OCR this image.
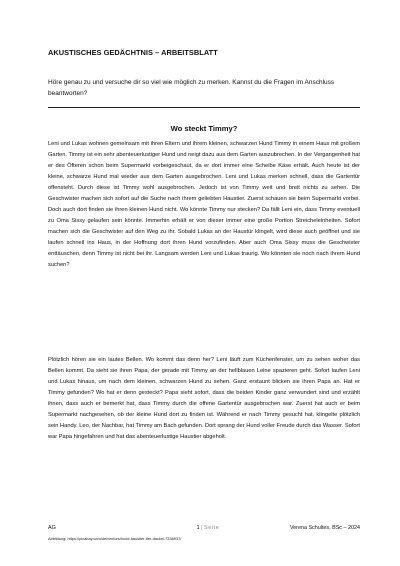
AKUSTISCHES GEDÄCHTNIS – ARBEITSBLATT
Höre genau zu und versuche dir so viel wie möglich zu merken. Kannst du die Fragen im Anschluss beantworten?
Wo steckt Timmy?
Leni und Lukas wohnen gemeinsam mit ihren Eltern und ihrem kleinen, schwarzen Hund Timmy in einem Haus mit großem Garten. Timmy ist ein sehr abenteuerlustiger Hund und neigt dazu aus dem Garten auszubrechen. In der Vergangenheit hat er des Öfteren schon beim Supermarkt vorbeigeschaut, da er dort immer eine Scheibe Käse erhält. Auch heute ist der kleine, schwarze Hund mal wieder aus dem Garten ausgebrochen. Leni und Lukas merken schnell, dass die Gartentür offensteht. Durch diese ist Timmy wohl ausgebrochen. Jedoch ist von Timmy weit und breit nichts zu sehen. Die Geschwister machen sich sofort auf die Suche nach ihrem geliebten Haustier. Zuerst schauen sie beim Supermarkt vorbei. Doch auch dort finden sie ihren kleinen Hund nicht. Wo könnte Timmy nur stecken? Da fällt Leni ein, dass Timmy eventuell zu Oma Sissy gelaufen sein könnte. Immerhin erhält er von dieser immer eine große Portion Streicheleinheiten. Sofort machen sich die Geschwister auf den Weg zu ihr. Sobald Lukas an der Haustür klingelt, wird diese auch geöffnet und sie laufen schnell ins Haus, in der Hoffnung dort ihren Hund vorzufinden. Aber auch Oma Sissy muss die Geschwister enttäuschen, denn Timmy ist nicht bei ihr. Langsam werden Leni und Lukas traurig. Wo könnten sie noch nach ihrem Hund suchen?
Plötzlich hören sie ein lautes Bellen. Wo kommt das denn her? Leni läuft zum Küchenfenster, um zu sehen woher das Bellen kommt. Da sieht sie ihren Papa, der gerade mit Timmy an der hellblauen Leine spazieren geht. Sofort laufen Leni und Lukas hinaus, um nach dem kleinen, schwarzen Hund zu sehen. Ganz erstaunt blicken sie ihren Papa an. Hat er Timmy gefunden? Wo hat er denn gesteckt? Papa sieht sofort, dass die beiden Kinder ganz verwundert sind und erzählt ihnen, dass auch er bemerkt hat, dass Timmy durch die offene Gartentür ausgebrochen war. Zuerst hat auch er beim Supermarkt nachgesehen, ob der kleine Hund dort zu finden ist. Während er nach Timmy gesucht hat, klingelte plötzlich sein Handy. Leo, der Nachbar, hat Timmy am Bach gefunden. Dort sprang der Hund voller Freude durch das Wasser. Sofort war Papa hingefahren und hat das abenteuerlustige Haustier abgeholt.
AG	1 | Seite	Verena Schultes, BSc – 2024
Abbildung: https://pixabay.com/de/vectors/hund-haustier-tier-dackel-7336937/
